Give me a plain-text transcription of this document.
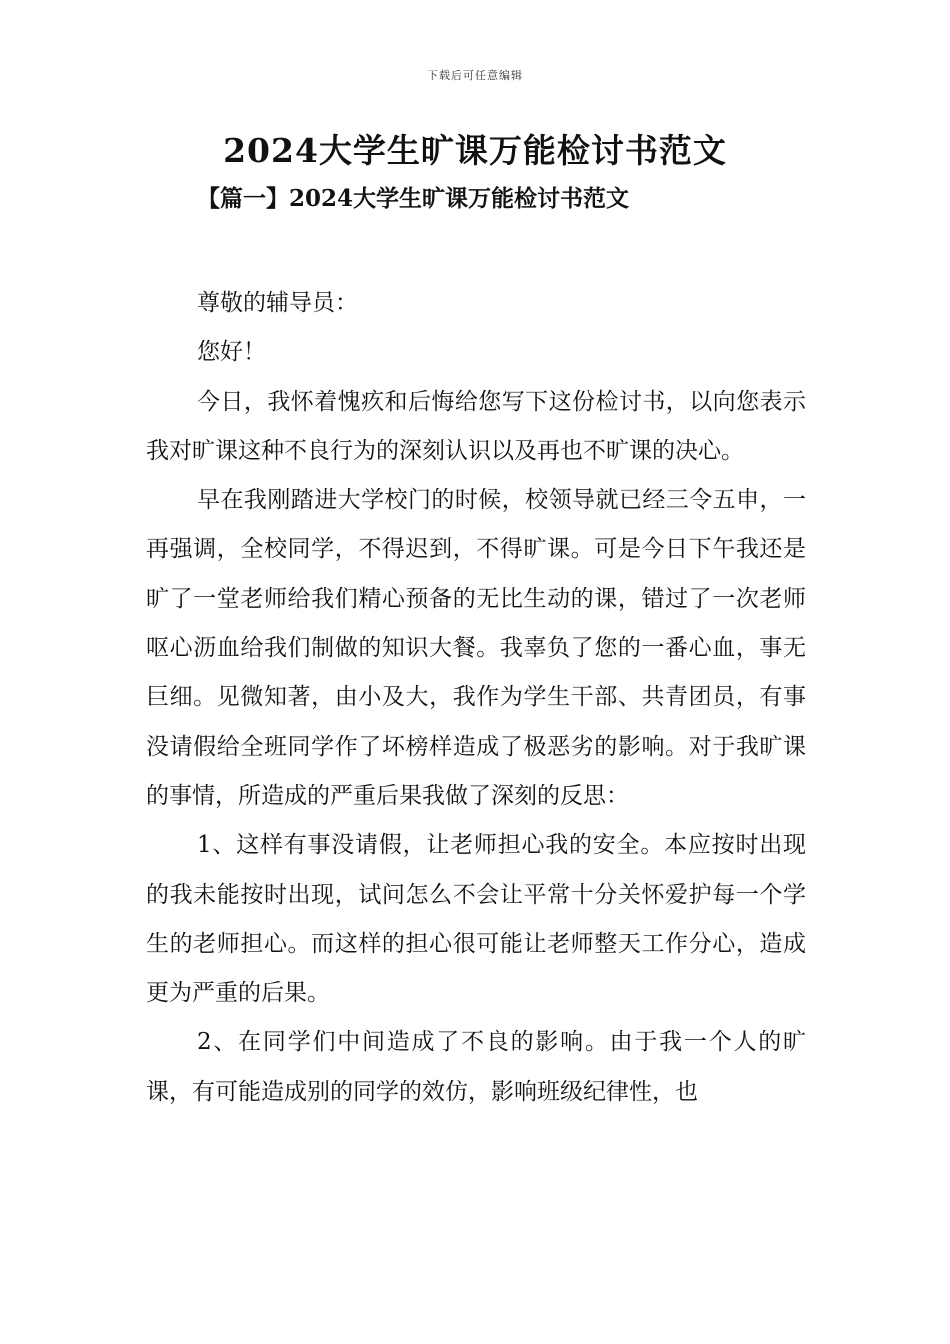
下载后可任意编辑
2024大学生旷课万能检讨书范文
【篇一】2024大学生旷课万能检讨书范文

尊敬的辅导员：

您好！

今日，我怀着愧疚和后悔给您写下这份检讨书，以向您表示我对旷课这种不良行为的深刻认识以及再也不旷课的决心。

早在我刚踏进大学校门的时候，校领导就已经三令五申，一再强调，全校同学，不得迟到，不得旷课。可是今日下午我还是旷了一堂老师给我们精心预备的无比生动的课，错过了一次老师呕心沥血给我们制做的知识大餐。我辜负了您的一番心血，事无巨细。见微知著，由小及大，我作为学生干部、共青团员，有事没请假给全班同学作了坏榜样造成了极恶劣的影响。对于我旷课的事情，所造成的严重后果我做了深刻的反思：

1、这样有事没请假，让老师担心我的安全。本应按时出现的我未能按时出现，试问怎么不会让平常十分关怀爱护每一个学生的老师担心。而这样的担心很可能让老师整天工作分心，造成更为严重的后果。

2、在同学们中间造成了不良的影响。由于我一个人的旷课，有可能造成别的同学的效仿，影响班级纪律性，也
